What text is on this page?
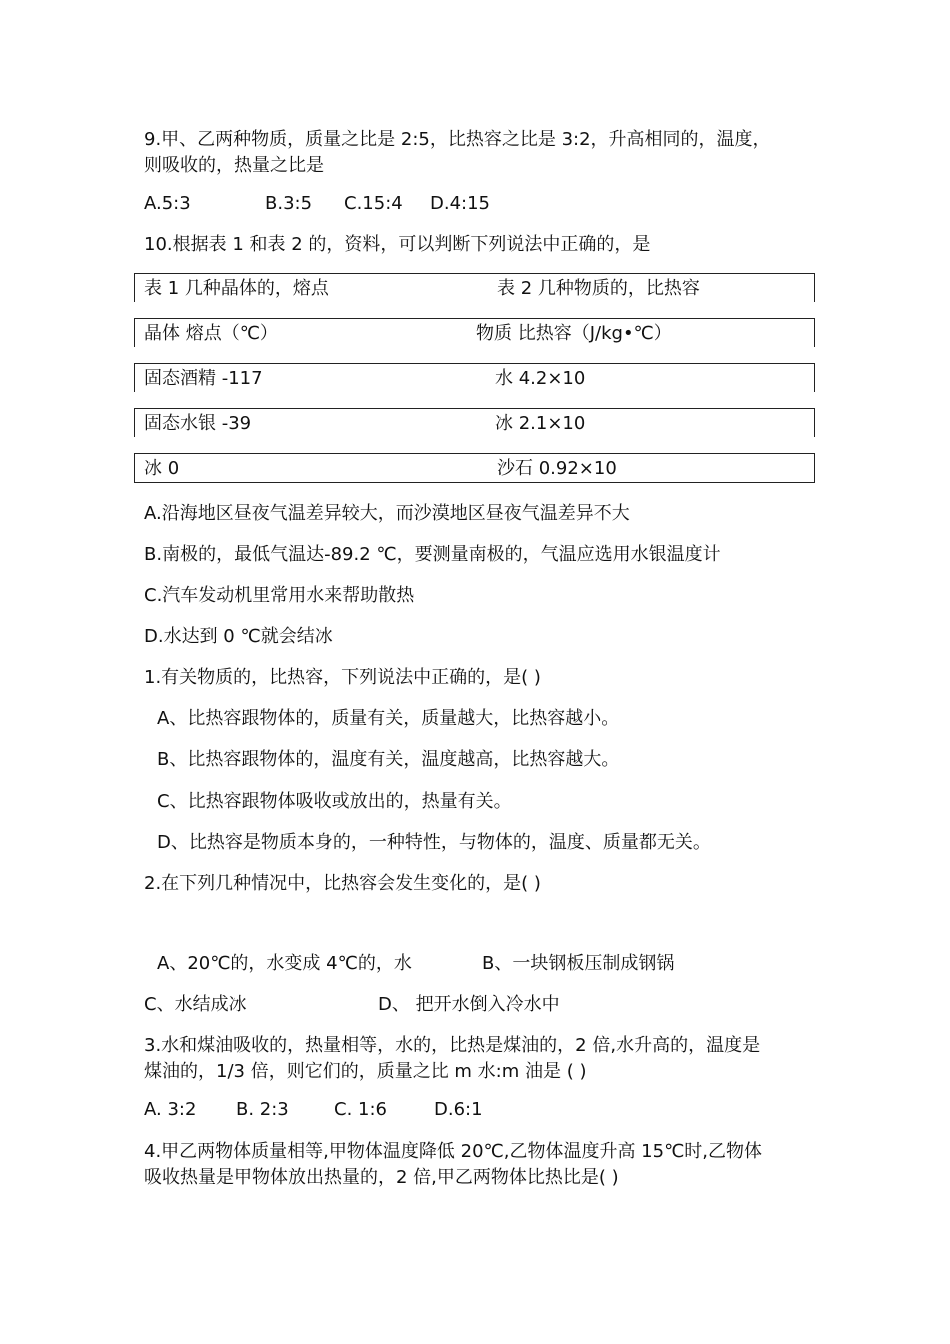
9.甲、乙两种物质，质量之比是 2:5，比热容之比是 3:2，升高相同的，温度，
则吸收的，热量之比是
A.5:3	B.3:5 C.15:4 D.4:15
10.根据表 1 和表 2 的，资料，可以判断下列说法中正确的，是
表 1 几种晶体的，熔点	表 2 几种物质的，比热容
晶体 熔点（℃）	物质 比热容（J/kg•℃）
固态酒精 -117	水 4.2×10
固态水银 -39	冰 2.1×10
冰 0	沙石 0.92×10
A.沿海地区昼夜气温差异较大，而沙漠地区昼夜气温差异不大
B.南极的，最低气温达-89.2 ℃，要测量南极的，气温应选用水银温度计
C.汽车发动机里常用水来帮助散热
D.水达到 0 ℃就会结冰
1.有关物质的，比热容，下列说法中正确的，是( )
A、比热容跟物体的，质量有关，质量越大，比热容越小。
B、比热容跟物体的，温度有关，温度越高，比热容越大。
C、比热容跟物体吸收或放出的，热量有关。
D、比热容是物质本身的，一种特性，与物体的，温度、质量都无关。
2.在下列几种情况中，比热容会发生变化的，是( )
A、20℃的，水变成 4℃的，水	B、一块钢板压制成钢锅
C、水结成冰	D、 把开水倒入冷水中
3.水和煤油吸收的，热量相等，水的，比热是煤油的，2 倍,水升高的，温度是
煤油的，1/3 倍，则它们的，质量之比 m 水:m 油是 ( )
A. 3:2 B. 2:3	C. 1:6	D.6:1
4.甲乙两物体质量相等,甲物体温度降低 20℃,乙物体温度升高 15℃时,乙物体
吸收热量是甲物体放出热量的，2 倍,甲乙两物体比热比是( )
